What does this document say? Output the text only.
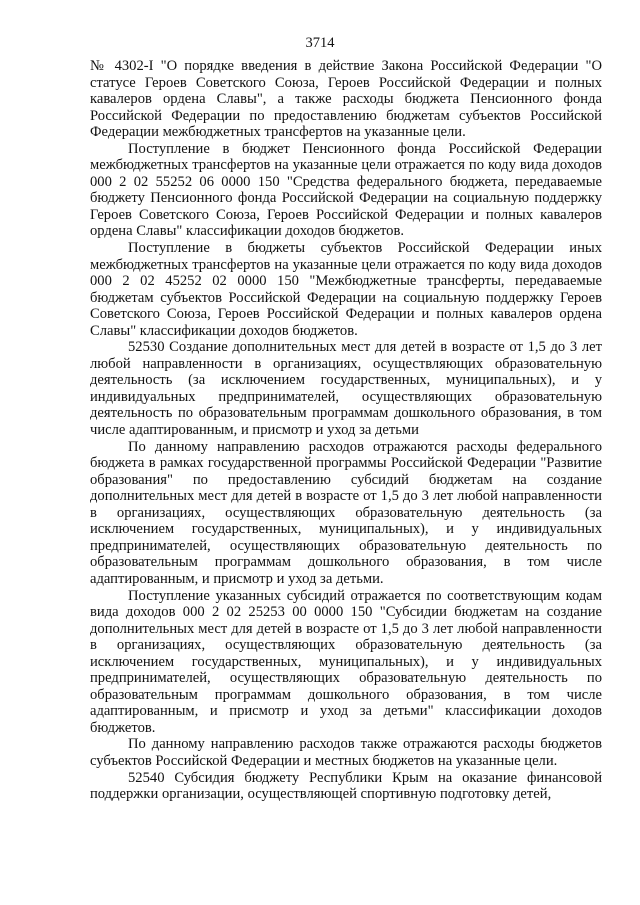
3714

№ 4302-I "О порядке введения в действие Закона Российской Федерации "О статусе Героев Советского Союза, Героев Российской Федерации и полных кавалеров ордена Славы", а также расходы бюджета Пенсионного фонда Российской Федерации по предоставлению бюджетам субъектов Российской Федерации межбюджетных трансфертов на указанные цели.

Поступление в бюджет Пенсионного фонда Российской Федерации межбюджетных трансфертов на указанные цели отражается по коду вида доходов 000 2 02 55252 06 0000 150 "Средства федерального бюджета, передаваемые бюджету Пенсионного фонда Российской Федерации на социальную поддержку Героев Советского Союза, Героев Российской Федерации и полных кавалеров ордена Славы" классификации доходов бюджетов.

Поступление в бюджеты субъектов Российской Федерации иных межбюджетных трансфертов на указанные цели отражается по коду вида доходов 000 2 02 45252 02 0000 150 "Межбюджетные трансферты, передаваемые бюджетам субъектов Российской Федерации на социальную поддержку Героев Советского Союза, Героев Российской Федерации и полных кавалеров ордена Славы" классификации доходов бюджетов.

52530 Создание дополнительных мест для детей в возрасте от 1,5 до 3 лет любой направленности в организациях, осуществляющих образовательную деятельность (за исключением государственных, муниципальных), и у индивидуальных предпринимателей, осуществляющих образовательную деятельность по образовательным программам дошкольного образования, в том числе адаптированным, и присмотр и уход за детьми

По данному направлению расходов отражаются расходы федерального бюджета в рамках государственной программы Российской Федерации "Развитие образования" по предоставлению субсидий бюджетам на создание дополнительных мест для детей в возрасте от 1,5 до 3 лет любой направленности в организациях, осуществляющих образовательную деятельность (за исключением государственных, муниципальных), и у индивидуальных предпринимателей, осуществляющих образовательную деятельность по образовательным программам дошкольного образования, в том числе адаптированным, и присмотр и уход за детьми.

Поступление указанных субсидий отражается по соответствующим кодам вида доходов 000 2 02 25253 00 0000 150 "Субсидии бюджетам на создание дополнительных мест для детей в возрасте от 1,5 до 3 лет любой направленности в организациях, осуществляющих образовательную деятельность (за исключением государственных, муниципальных), и у индивидуальных предпринимателей, осуществляющих образовательную деятельность по образовательным программам дошкольного образования, в том числе адаптированным, и присмотр и уход за детьми" классификации доходов бюджетов.

По данному направлению расходов также отражаются расходы бюджетов субъектов Российской Федерации и местных бюджетов на указанные цели.

52540 Субсидия бюджету Республики Крым на оказание финансовой поддержки организации, осуществляющей спортивную подготовку детей,
